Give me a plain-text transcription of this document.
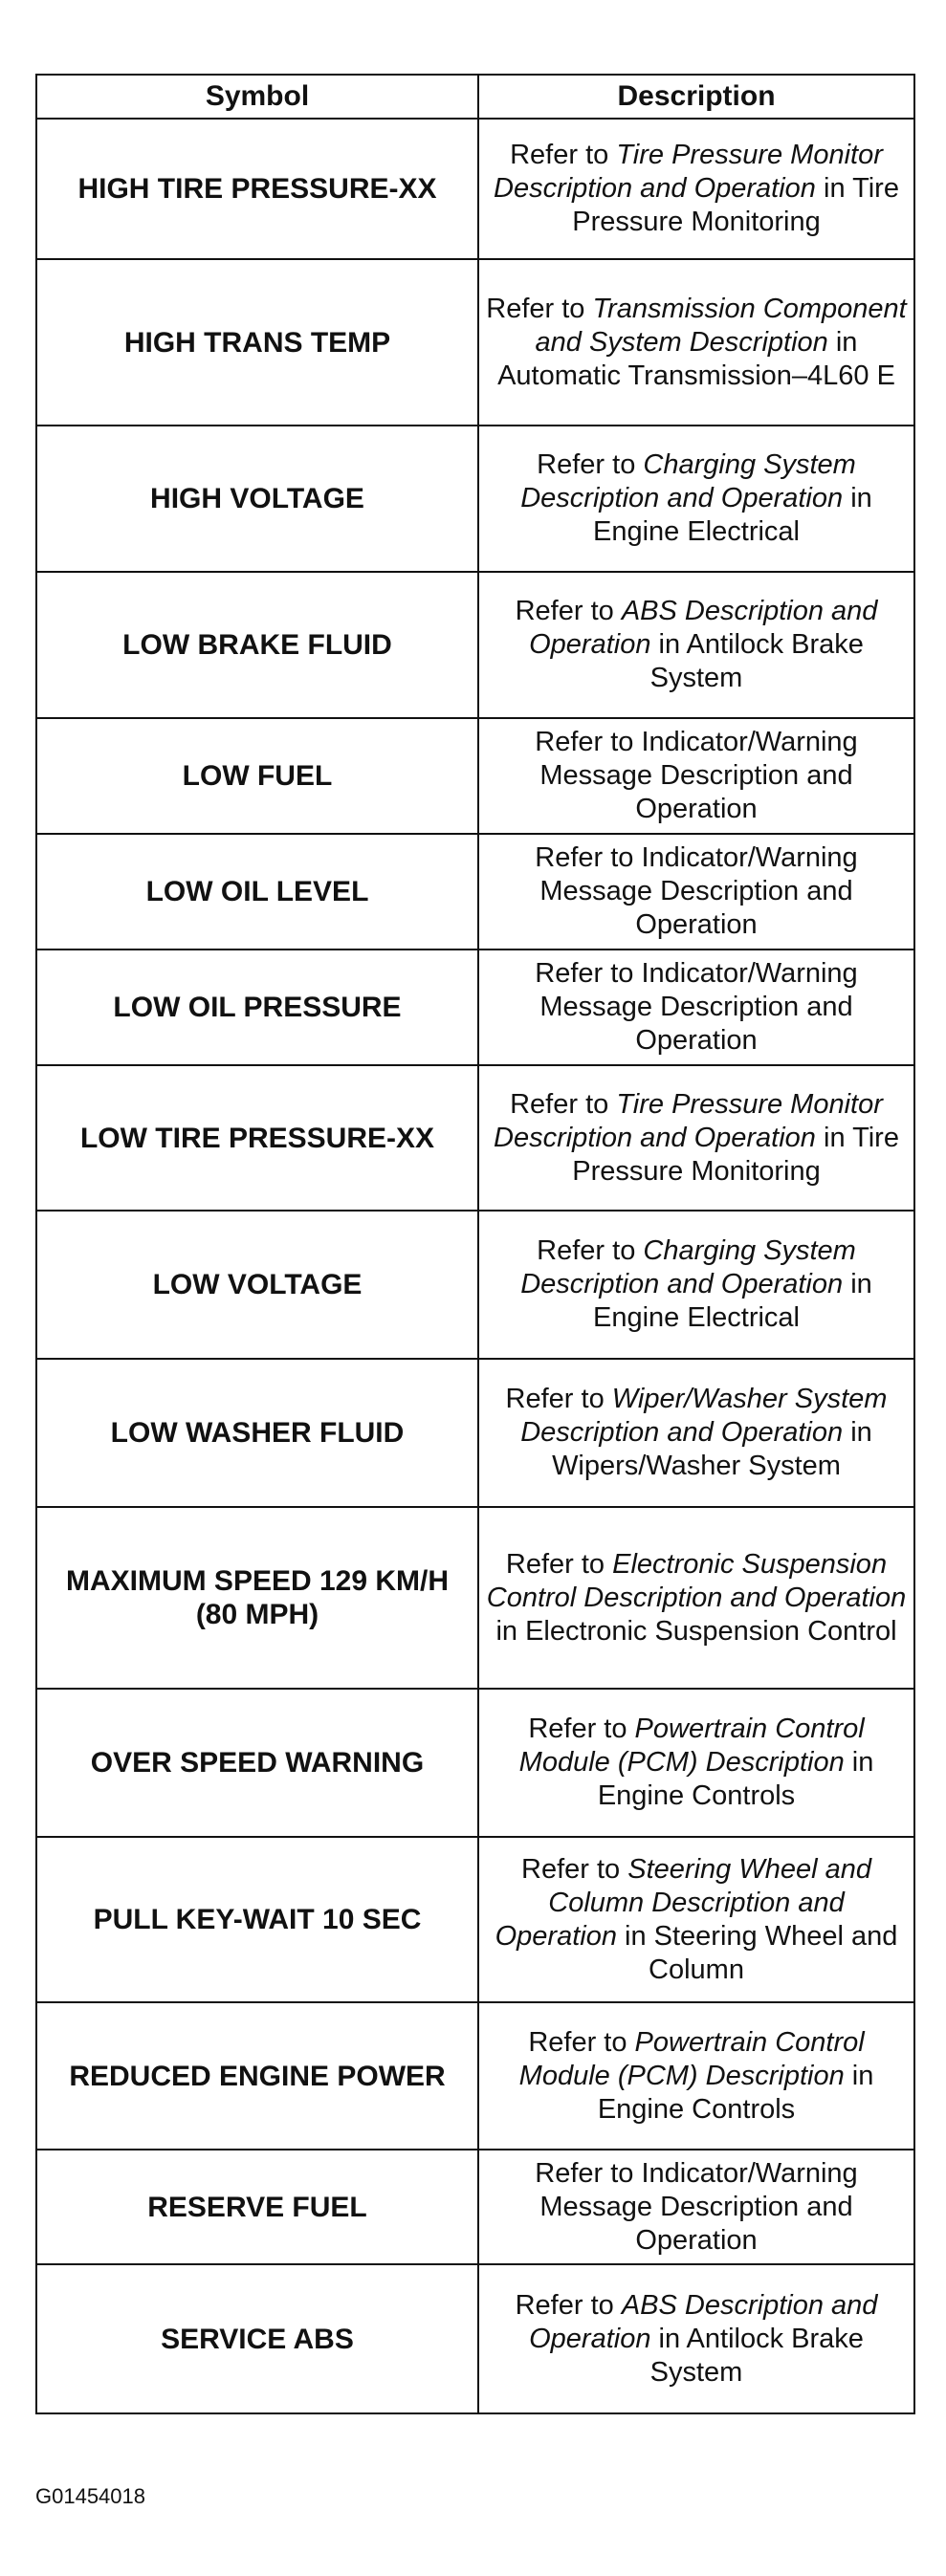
Symbol	Description
HIGH TIRE PRESSURE-XX	Refer to Tire Pressure Monitor Description and Operation in Tire Pressure Monitoring
HIGH TRANS TEMP	Refer to Transmission Component and System Description in Automatic Transmission–4L60 E
HIGH VOLTAGE	Refer to Charging System Description and Operation in Engine Electrical
LOW BRAKE FLUID	Refer to ABS Description and Operation in Antilock Brake System
LOW FUEL	Refer to Indicator/Warning Message Description and Operation
LOW OIL LEVEL	Refer to Indicator/Warning Message Description and Operation
LOW OIL PRESSURE	Refer to Indicator/Warning Message Description and Operation
LOW TIRE PRESSURE-XX	Refer to Tire Pressure Monitor Description and Operation in Tire Pressure Monitoring
LOW VOLTAGE	Refer to Charging System Description and Operation in Engine Electrical
LOW WASHER FLUID	Refer to Wiper/Washer System Description and Operation in Wipers/Washer System
MAXIMUM SPEED 129 KM/H (80 MPH)	Refer to Electronic Suspension Control Description and Operation in Electronic Suspension Control
OVER SPEED WARNING	Refer to Powertrain Control Module (PCM) Description in Engine Controls
PULL KEY-WAIT 10 SEC	Refer to Steering Wheel and Column Description and Operation in Steering Wheel and Column
REDUCED ENGINE POWER	Refer to Powertrain Control Module (PCM) Description in Engine Controls
RESERVE FUEL	Refer to Indicator/Warning Message Description and Operation
SERVICE ABS	Refer to ABS Description and Operation in Antilock Brake System
G01454018
